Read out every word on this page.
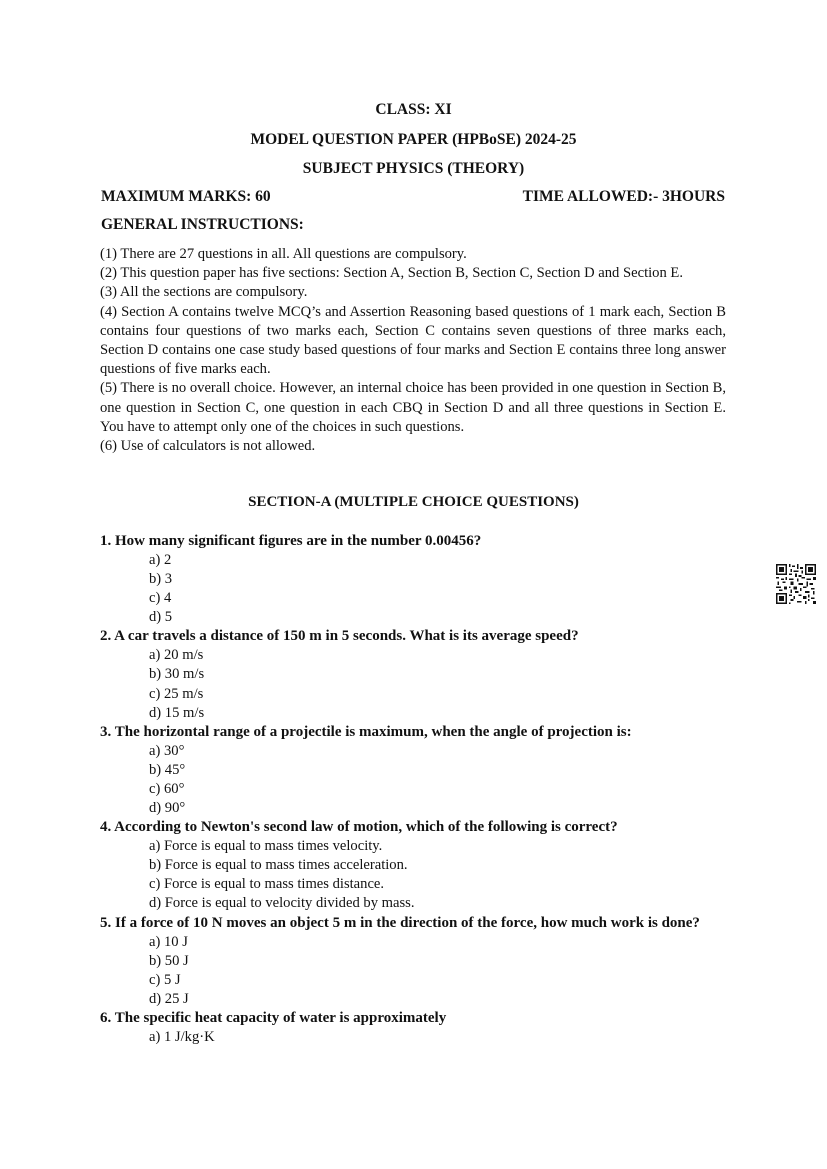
CLASS: XI
MODEL QUESTION PAPER (HPBoSE) 2024-25
SUBJECT PHYSICS (THEORY)
MAXIMUM MARKS: 60	TIME ALLOWED:- 3HOURS
GENERAL INSTRUCTIONS:

(1) There are 27 questions in all. All questions are compulsory.

(2) This question paper has five sections: Section A, Section B, Section C, Section D and Section E.

(3) All the sections are compulsory.

(4) Section A contains twelve MCQ’s and Assertion Reasoning based questions of 1 mark each, Section B contains four questions of two marks each, Section C contains seven questions of three marks each, Section D contains one case study based questions of four marks and Section E contains three long answer questions of five marks each.

(5) There is no overall choice. However, an internal choice has been provided in one question in Section B, one question in Section C, one question in each CBQ in Section D and all three questions in Section E. You have to attempt only one of the choices in such questions.

(6) Use of calculators is not allowed.

SECTION-A (MULTIPLE CHOICE QUESTIONS)

1. How many significant figures are in the number 0.00456?

a) 2
b) 3
c) 4
d) 5

2. A car travels a distance of 150 m in 5 seconds. What is its average speed?

a) 20 m/s
b) 30 m/s
c) 25 m/s
d) 15 m/s

3. The horizontal range of a projectile is maximum, when the angle of projection is:

a) 30°
b) 45°
c) 60°
d) 90°

4. According to Newton's second law of motion, which of the following is correct?

a) Force is equal to mass times velocity.
b) Force is equal to mass times acceleration.
c) Force is equal to mass times distance.
d) Force is equal to velocity divided by mass.

5. If a force of 10 N moves an object 5 m in the direction of the force, how much work is done?

a) 10 J
b) 50 J
c) 5 J
d) 25 J

6. The specific heat capacity of water is approximately

a) 1 J/kg·K
